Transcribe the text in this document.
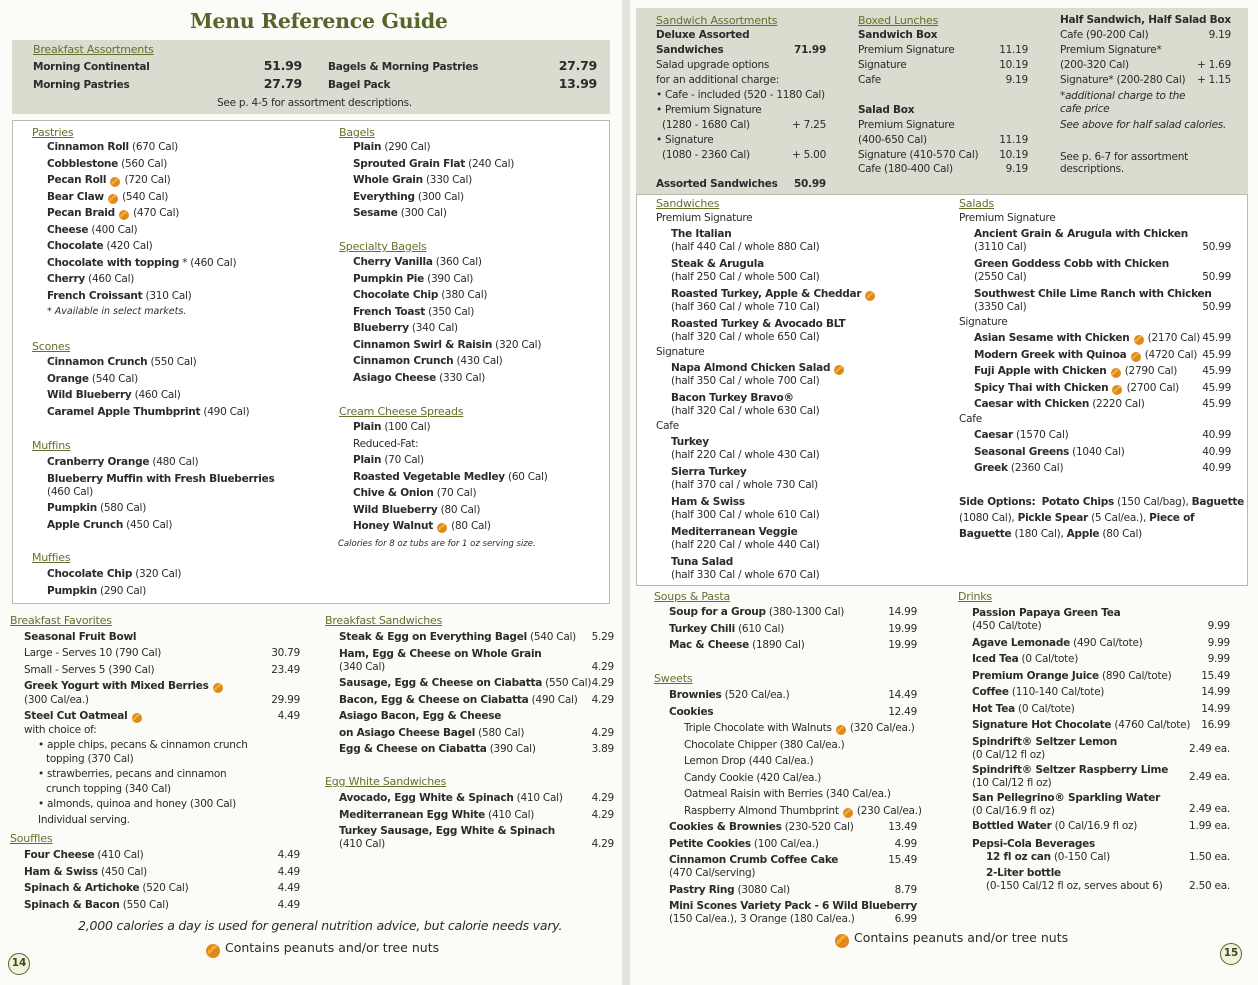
Menu Reference Guide
Breakfast Assortments
Morning Continental	51.99 Bagels & Morning Pastries	27.79
Morning Pastries	27.79 Bagel Pack	13.99
See p. 4-5 for assortment descriptions.
Pastries
Cinnamon Roll (670 Cal)
Cobblestone (560 Cal)
Pecan Roll 🥜 (720 Cal)
Bear Claw 🥜 (540 Cal)
Pecan Braid 🥜 (470 Cal)
Cheese (400 Cal)
Chocolate (420 Cal)
Chocolate with topping * (460 Cal)
Cherry (460 Cal)
French Croissant (310 Cal)
* Available in select markets.
Scones
Cinnamon Crunch (550 Cal)
Orange (540 Cal)
Wild Blueberry (460 Cal)
Caramel Apple Thumbprint (490 Cal)
Muffins
Cranberry Orange (480 Cal)
Blueberry Muffin with Fresh Blueberries
(460 Cal)
Pumpkin (580 Cal)
Apple Crunch (450 Cal)
Muffies
Chocolate Chip (320 Cal)
Pumpkin (290 Cal)
Bagels
Plain (290 Cal)
Sprouted Grain Flat (240 Cal)
Whole Grain (330 Cal)
Everything (300 Cal)
Sesame (300 Cal)
Specialty Bagels
Cherry Vanilla (360 Cal)
Pumpkin Pie (390 Cal)
Chocolate Chip (380 Cal)
French Toast (350 Cal)
Blueberry (340 Cal)
Cinnamon Swirl & Raisin (320 Cal)
Cinnamon Crunch (430 Cal)
Asiago Cheese (330 Cal)
Cream Cheese Spreads
Plain (100 Cal)
Reduced-Fat:
Plain (70 Cal)
Roasted Vegetable Medley (60 Cal)
Chive & Onion (70 Cal)
Wild Blueberry (80 Cal)
Honey Walnut 🥜 (80 Cal)
Calories for 8 oz tubs are for 1 oz serving size.
Breakfast Favorites
Seasonal Fruit Bowl
Large - Serves 10 (790 Cal)	30.79
Small - Serves 5 (390 Cal)	23.49
Greek Yogurt with Mixed Berries 🥜
(300 Cal/ea.)	29.99
Steel Cut Oatmeal 🥜	4.49
with choice of:
• apple chips, pecans & cinnamon crunch
topping (370 Cal)
• strawberries, pecans and cinnamon
crunch topping (340 Cal)
• almonds, quinoa and honey (300 Cal)
Individual serving.
Souffles
Four Cheese (410 Cal)	4.49
Ham & Swiss (450 Cal)	4.49
Spinach & Artichoke (520 Cal)	4.49
Spinach & Bacon (550 Cal)	4.49
Breakfast Sandwiches
Steak & Egg on Everything Bagel (540 Cal) 5.29
Ham, Egg & Cheese on Whole Grain
(340 Cal)	4.29
Sausage, Egg & Cheese on Ciabatta (550 Cal) 4.29
Bacon, Egg & Cheese on Ciabatta (490 Cal) 4.29
Asiago Bacon, Egg & Cheese
on Asiago Cheese Bagel (580 Cal)	4.29
Egg & Cheese on Ciabatta (390 Cal)	3.89
Egg White Sandwiches
Avocado, Egg White & Spinach (410 Cal)	4.29
Mediterranean Egg White (410 Cal)	4.29
Turkey Sausage, Egg White & Spinach
(410 Cal)	4.29
2,000 calories a day is used for general nutrition advice, but calorie needs vary.
🥜 Contains peanuts and/or tree nuts
14
Sandwich Assortments
Deluxe Assorted
Sandwiches	71.99
Salad upgrade options
for an additional charge:
• Cafe - included (520 - 1180 Cal)
• Premium Signature
(1280 - 1680 Cal)	+ 7.25
• Signature
(1080 - 2360 Cal)	+ 5.00
Assorted Sandwiches 50.99
Boxed Lunches
Sandwich Box
Premium Signature	11.19
Signature	10.19
Cafe	9.19
Salad Box
Premium Signature
(400-650 Cal)	11.19
Signature (410-570 Cal)	10.19
Cafe (180-400 Cal)	9.19
Half Sandwich, Half Salad Box
Cafe (90-200 Cal)	9.19
Premium Signature*
(200-320 Cal)	+ 1.69
Signature* (200-280 Cal)	+ 1.15
*additional charge to the
cafe price
See above for half salad calories.
See p. 6-7 for assortment
descriptions.
Sandwiches
Premium Signature
The Italian
(half 440 Cal / whole 880 Cal)
Steak & Arugula
(half 250 Cal / whole 500 Cal)
Roasted Turkey, Apple & Cheddar 🥜
(half 360 Cal / whole 710 Cal)
Roasted Turkey & Avocado BLT
(half 320 Cal / whole 650 Cal)
Signature
Napa Almond Chicken Salad 🥜
(half 350 Cal / whole 700 Cal)
Bacon Turkey Bravo®
(half 320 Cal / whole 630 Cal)
Cafe
Turkey
(half 220 Cal / whole 430 Cal)
Sierra Turkey
(half 370 cal / whole 730 Cal)
Ham & Swiss
(half 300 Cal / whole 610 Cal)
Mediterranean Veggie
(half 220 Cal / whole 440 Cal)
Tuna Salad
(half 330 Cal / whole 670 Cal)
Salads
Premium Signature
Ancient Grain & Arugula with Chicken
(3110 Cal)	50.99
Green Goddess Cobb with Chicken
(2550 Cal)	50.99
Southwest Chile Lime Ranch with Chicken
(3350 Cal)	50.99
Signature
Asian Sesame with Chicken 🥜 (2170 Cal) 45.99
Modern Greek with Quinoa 🥜 (4720 Cal) 45.99
Fuji Apple with Chicken 🥜 (2790 Cal) 45.99
Spicy Thai with Chicken 🥜 (2700 Cal) 45.99
Caesar with Chicken (2220 Cal)	45.99
Cafe
Caesar (1570 Cal)	40.99
Seasonal Greens (1040 Cal)	40.99
Greek (2360 Cal)	40.99
Side Options: Potato Chips (150 Cal/bag), Baguette
(1080 Cal), Pickle Spear (5 Cal/ea.), Piece of
Baguette (180 Cal), Apple (80 Cal)
Soups & Pasta
Soup for a Group (380-1300 Cal)	14.99
Turkey Chili (610 Cal)	19.99
Mac & Cheese (1890 Cal)	19.99
Sweets
Brownies (520 Cal/ea.)	14.49
Cookies	12.49
Triple Chocolate with Walnuts 🥜 (320 Cal/ea.)
Chocolate Chipper (380 Cal/ea.)
Lemon Drop (440 Cal/ea.)
Candy Cookie (420 Cal/ea.)
Oatmeal Raisin with Berries (340 Cal/ea.)
Raspberry Almond Thumbprint 🥜 (230 Cal/ea.)
Cookies & Brownies (230-520 Cal)	13.49
Petite Cookies (100 Cal/ea.)	4.99
Cinnamon Crumb Coffee Cake	15.49
(470 Cal/serving)
Pastry Ring (3080 Cal)	8.79
Mini Scones Variety Pack - 6 Wild Blueberry
(150 Cal/ea.), 3 Orange (180 Cal/ea.)	6.99
Drinks
Passion Papaya Green Tea
(450 Cal/tote)	9.99
Agave Lemonade (490 Cal/tote)	9.99
Iced Tea (0 Cal/tote)	9.99
Premium Orange Juice (890 Cal/tote)	15.49
Coffee (110-140 Cal/tote)	14.99
Hot Tea (0 Cal/tote)	14.99
Signature Hot Chocolate (4760 Cal/tote) 16.99
Spindrift® Seltzer Lemon
(0 Cal/12 fl oz)	2.49 ea.
Spindrift® Seltzer Raspberry Lime
(10 Cal/12 fl oz)	2.49 ea.
San Pellegrino® Sparkling Water
(0 Cal/16.9 fl oz)	2.49 ea.
Bottled Water (0 Cal/16.9 fl oz)	1.99 ea.
Pepsi-Cola Beverages
12 fl oz can (0-150 Cal)	1.50 ea.
2-Liter bottle
(0-150 Cal/12 fl oz, serves about 6)	2.50 ea.
🥜 Contains peanuts and/or tree nuts
15
